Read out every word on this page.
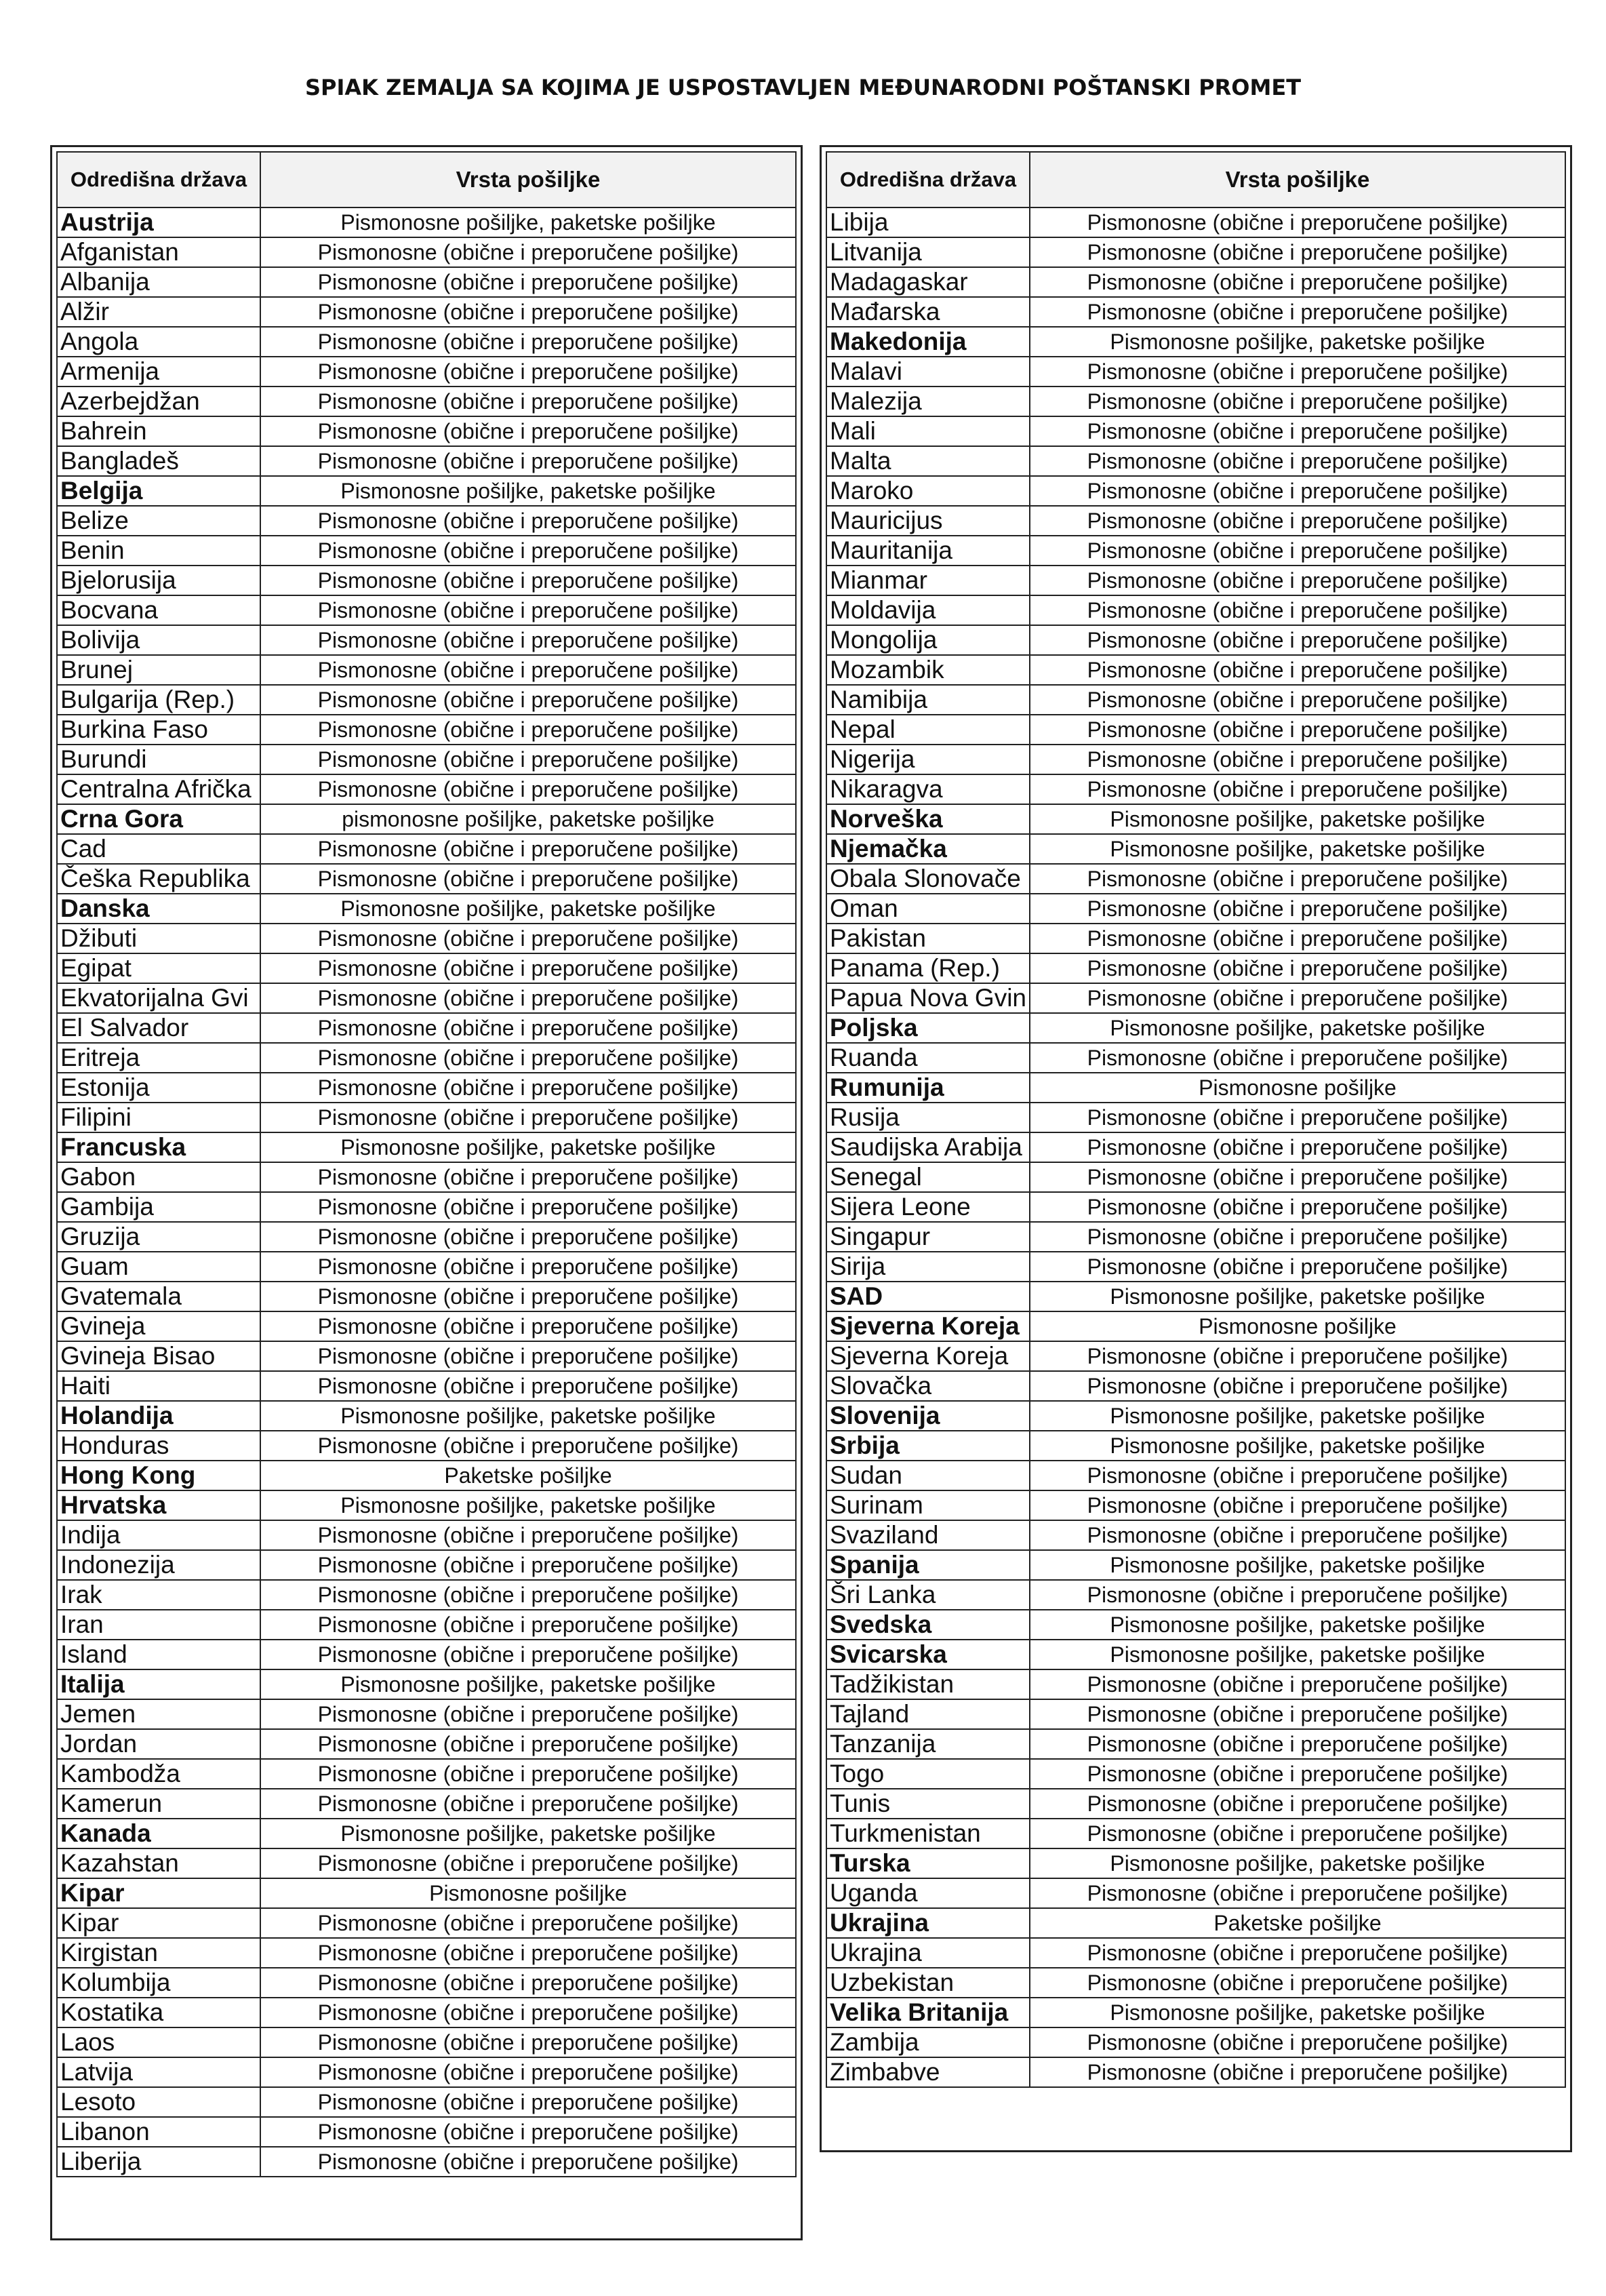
SPIAK ZEMALJA SA KOJIMA JE USPOSTAVLJEN MEĐUNARODNI POŠTANSKI PROMET
Odredišna država	Vrsta pošiljke
Austrija	Pismonosne pošiljke, paketske pošiljke
Afganistan	Pismonosne (obične i preporučene pošiljke)
Albanija	Pismonosne (obične i preporučene pošiljke)
Alžir	Pismonosne (obične i preporučene pošiljke)
Angola	Pismonosne (obične i preporučene pošiljke)
Armenija	Pismonosne (obične i preporučene pošiljke)
Azerbejdžan	Pismonosne (obične i preporučene pošiljke)
Bahrein	Pismonosne (obične i preporučene pošiljke)
Bangladeš	Pismonosne (obične i preporučene pošiljke)
Belgija	Pismonosne pošiljke, paketske pošiljke
Belize	Pismonosne (obične i preporučene pošiljke)
Benin	Pismonosne (obične i preporučene pošiljke)
Bjelorusija	Pismonosne (obične i preporučene pošiljke)
Bocvana	Pismonosne (obične i preporučene pošiljke)
Bolivija	Pismonosne (obične i preporučene pošiljke)
Brunej	Pismonosne (obične i preporučene pošiljke)
Bulgarija (Rep.)	Pismonosne (obične i preporučene pošiljke)
Burkina Faso	Pismonosne (obične i preporučene pošiljke)
Burundi	Pismonosne (obične i preporučene pošiljke)
Centralna Afrička	Pismonosne (obične i preporučene pošiljke)
Crna Gora	pismonosne pošiljke, paketske pošiljke
Cad	Pismonosne (obične i preporučene pošiljke)
Češka Republika	Pismonosne (obične i preporučene pošiljke)
Danska	Pismonosne pošiljke, paketske pošiljke
Džibuti	Pismonosne (obične i preporučene pošiljke)
Egipat	Pismonosne (obične i preporučene pošiljke)
Ekvatorijalna Gvi	Pismonosne (obične i preporučene pošiljke)
El Salvador	Pismonosne (obične i preporučene pošiljke)
Eritreja	Pismonosne (obične i preporučene pošiljke)
Estonija	Pismonosne (obične i preporučene pošiljke)
Filipini	Pismonosne (obične i preporučene pošiljke)
Francuska	Pismonosne pošiljke, paketske pošiljke
Gabon	Pismonosne (obične i preporučene pošiljke)
Gambija	Pismonosne (obične i preporučene pošiljke)
Gruzija	Pismonosne (obične i preporučene pošiljke)
Guam	Pismonosne (obične i preporučene pošiljke)
Gvatemala	Pismonosne (obične i preporučene pošiljke)
Gvineja	Pismonosne (obične i preporučene pošiljke)
Gvineja Bisao	Pismonosne (obične i preporučene pošiljke)
Haiti	Pismonosne (obične i preporučene pošiljke)
Holandija	Pismonosne pošiljke, paketske pošiljke
Honduras	Pismonosne (obične i preporučene pošiljke)
Hong Kong	Paketske pošiljke
Hrvatska	Pismonosne pošiljke, paketske pošiljke
Indija	Pismonosne (obične i preporučene pošiljke)
Indonezija	Pismonosne (obične i preporučene pošiljke)
Irak	Pismonosne (obične i preporučene pošiljke)
Iran	Pismonosne (obične i preporučene pošiljke)
Island	Pismonosne (obične i preporučene pošiljke)
Italija	Pismonosne pošiljke, paketske pošiljke
Jemen	Pismonosne (obične i preporučene pošiljke)
Jordan	Pismonosne (obične i preporučene pošiljke)
Kambodža	Pismonosne (obične i preporučene pošiljke)
Kamerun	Pismonosne (obične i preporučene pošiljke)
Kanada	Pismonosne pošiljke, paketske pošiljke
Kazahstan	Pismonosne (obične i preporučene pošiljke)
Kipar	Pismonosne pošiljke
Kipar	Pismonosne (obične i preporučene pošiljke)
Kirgistan	Pismonosne (obične i preporučene pošiljke)
Kolumbija	Pismonosne (obične i preporučene pošiljke)
Kostatika	Pismonosne (obične i preporučene pošiljke)
Laos	Pismonosne (obične i preporučene pošiljke)
Latvija	Pismonosne (obične i preporučene pošiljke)
Lesoto	Pismonosne (obične i preporučene pošiljke)
Libanon	Pismonosne (obične i preporučene pošiljke)
Liberija	Pismonosne (obične i preporučene pošiljke)
Odredišna država	Vrsta pošiljke
Libija	Pismonosne (obične i preporučene pošiljke)
Litvanija	Pismonosne (obične i preporučene pošiljke)
Madagaskar	Pismonosne (obične i preporučene pošiljke)
Mađarska	Pismonosne (obične i preporučene pošiljke)
Makedonija	Pismonosne pošiljke, paketske pošiljke
Malavi	Pismonosne (obične i preporučene pošiljke)
Malezija	Pismonosne (obične i preporučene pošiljke)
Mali	Pismonosne (obične i preporučene pošiljke)
Malta	Pismonosne (obične i preporučene pošiljke)
Maroko	Pismonosne (obične i preporučene pošiljke)
Mauricijus	Pismonosne (obične i preporučene pošiljke)
Mauritanija	Pismonosne (obične i preporučene pošiljke)
Mianmar	Pismonosne (obične i preporučene pošiljke)
Moldavija	Pismonosne (obične i preporučene pošiljke)
Mongolija	Pismonosne (obične i preporučene pošiljke)
Mozambik	Pismonosne (obične i preporučene pošiljke)
Namibija	Pismonosne (obične i preporučene pošiljke)
Nepal	Pismonosne (obične i preporučene pošiljke)
Nigerija	Pismonosne (obične i preporučene pošiljke)
Nikaragva	Pismonosne (obične i preporučene pošiljke)
Norveška	Pismonosne pošiljke, paketske pošiljke
Njemačka	Pismonosne pošiljke, paketske pošiljke
Obala Slonovače	Pismonosne (obične i preporučene pošiljke)
Oman	Pismonosne (obične i preporučene pošiljke)
Pakistan	Pismonosne (obične i preporučene pošiljke)
Panama (Rep.)	Pismonosne (obične i preporučene pošiljke)
Papua Nova Gvin	Pismonosne (obične i preporučene pošiljke)
Poljska	Pismonosne pošiljke, paketske pošiljke
Ruanda	Pismonosne (obične i preporučene pošiljke)
Rumunija	Pismonosne pošiljke
Rusija	Pismonosne (obične i preporučene pošiljke)
Saudijska Arabija	Pismonosne (obične i preporučene pošiljke)
Senegal	Pismonosne (obične i preporučene pošiljke)
Sijera Leone	Pismonosne (obične i preporučene pošiljke)
Singapur	Pismonosne (obične i preporučene pošiljke)
Sirija	Pismonosne (obične i preporučene pošiljke)
SAD	Pismonosne pošiljke, paketske pošiljke
Sjeverna Koreja	Pismonosne pošiljke
Sjeverna Koreja	Pismonosne (obične i preporučene pošiljke)
Slovačka	Pismonosne (obične i preporučene pošiljke)
Slovenija	Pismonosne pošiljke, paketske pošiljke
Srbija	Pismonosne pošiljke, paketske pošiljke
Sudan	Pismonosne (obične i preporučene pošiljke)
Surinam	Pismonosne (obične i preporučene pošiljke)
Svaziland	Pismonosne (obične i preporučene pošiljke)
Spanija	Pismonosne pošiljke, paketske pošiljke
Šri Lanka	Pismonosne (obične i preporučene pošiljke)
Svedska	Pismonosne pošiljke, paketske pošiljke
Svicarska	Pismonosne pošiljke, paketske pošiljke
Tadžikistan	Pismonosne (obične i preporučene pošiljke)
Tajland	Pismonosne (obične i preporučene pošiljke)
Tanzanija	Pismonosne (obične i preporučene pošiljke)
Togo	Pismonosne (obične i preporučene pošiljke)
Tunis	Pismonosne (obične i preporučene pošiljke)
Turkmenistan	Pismonosne (obične i preporučene pošiljke)
Turska	Pismonosne pošiljke, paketske pošiljke
Uganda	Pismonosne (obične i preporučene pošiljke)
Ukrajina	Paketske pošiljke
Ukrajina	Pismonosne (obične i preporučene pošiljke)
Uzbekistan	Pismonosne (obične i preporučene pošiljke)
Velika Britanija	Pismonosne pošiljke, paketske pošiljke
Zambija	Pismonosne (obične i preporučene pošiljke)
Zimbabve	Pismonosne (obične i preporučene pošiljke)
